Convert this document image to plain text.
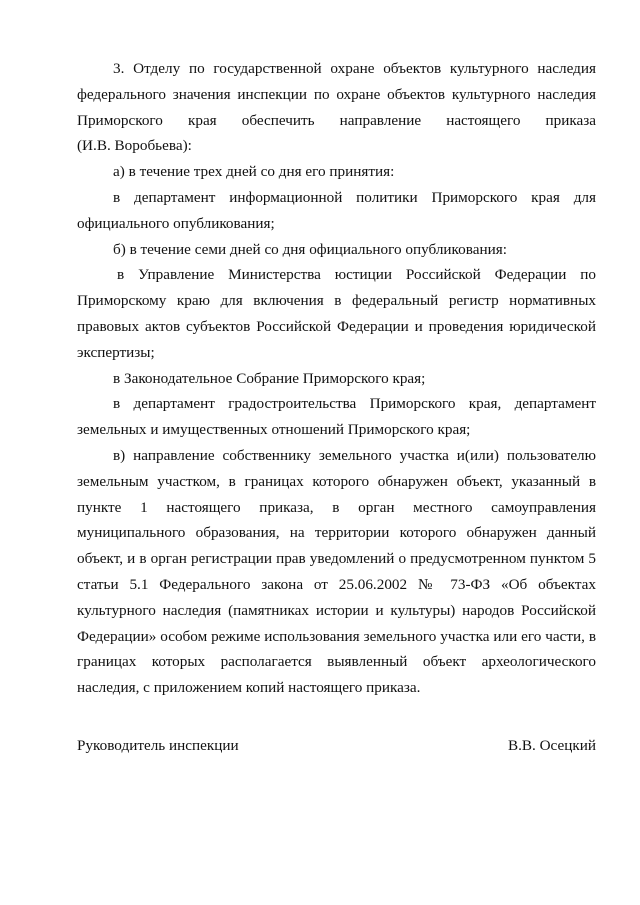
3. Отделу по государственной охране объектов культурного наследия
федерального значения инспекции по охране объектов культурного наследия
Приморского края обеспечить направление настоящего приказа
(И.В. Воробьева):
а) в течение трех дней со дня его принятия:
в департамент информационной политики Приморского края для
официального опубликования;
б) в течение семи дней со дня официального опубликования:
в Управление Министерства юстиции Российской Федерации по
Приморскому краю для включения в федеральный регистр нормативных
правовых актов субъектов Российской Федерации и проведения юридической
экспертизы;
в Законодательное Собрание Приморского края;
в департамент градостроительства Приморского края, департамент
земельных и имущественных отношений Приморского края;
в) направление собственнику земельного участка и(или) пользователю
земельным участком, в границах которого обнаружен объект, указанный в
пункте 1 настоящего приказа, в орган местного самоуправления
муниципального образования, на территории которого обнаружен данный
объект, и в орган регистрации прав уведомлений о предусмотренном пунктом 5
статьи 5.1 Федерального закона от 25.06.2002 № 73-ФЗ «Об объектах
культурного наследия (памятниках истории и культуры) народов Российской
Федерации» особом режиме использования земельного участка или его части, в
границах которых располагается выявленный объект археологического
наследия, с приложением копий настоящего приказа.
Руководитель инспекции	В.В. Осецкий
